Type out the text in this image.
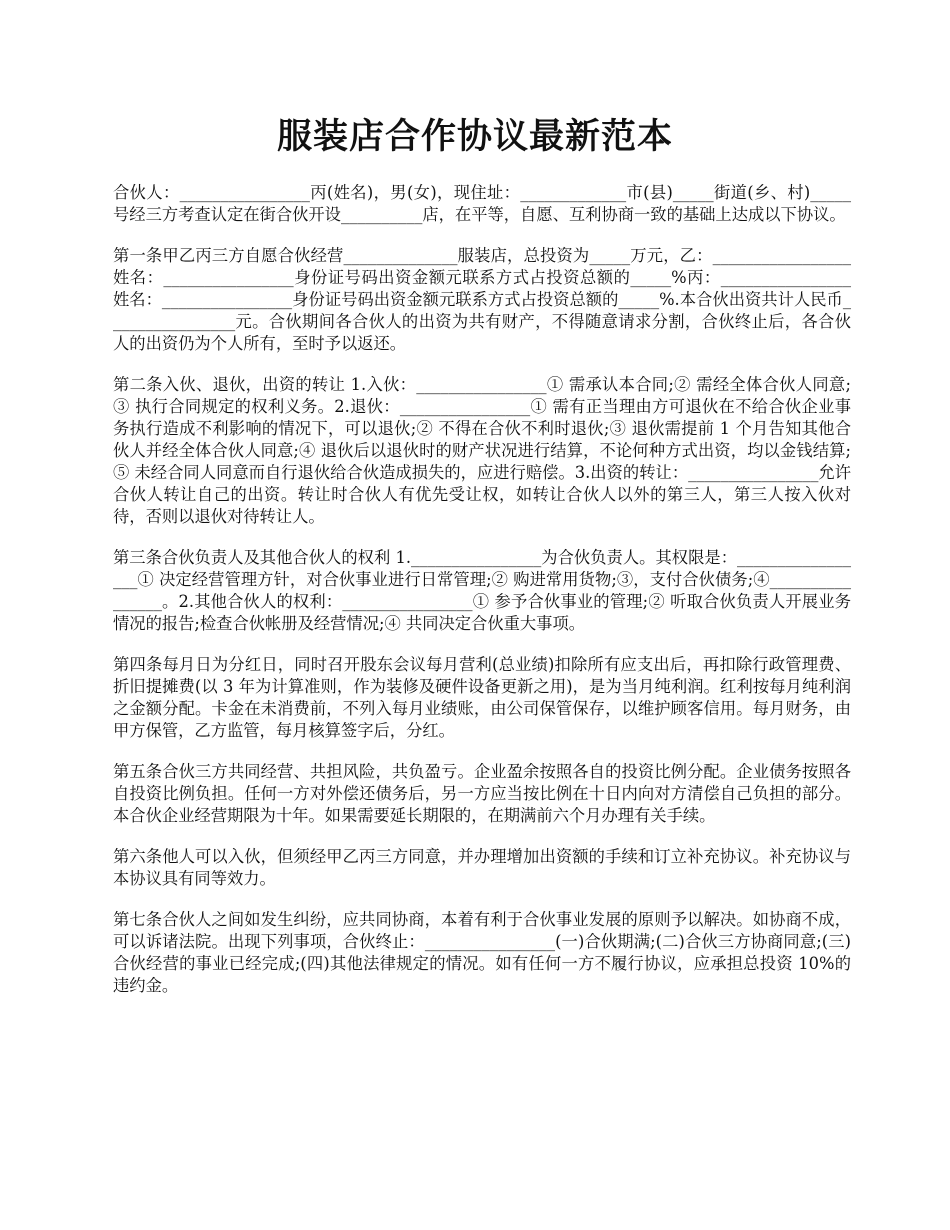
服装店合作协议最新范本

合伙人：________________丙(姓名)，男(女)，现住址：_____________市(县)_____街道(乡、村)_____号经三方考查认定在街合伙开设__________店，在平等，自愿、互利协商一致的基础上达成以下协议。

第一条甲乙丙三方自愿合伙经营______________服装店，总投资为_____万元，乙：_________________姓名：________________身份证号码出资金额元联系方式占投资总额的_____%丙：________________姓名：________________身份证号码出资金额元联系方式占投资总额的_____%.本合伙出资共计人民币________________元。合伙期间各合伙人的出资为共有财产，不得随意请求分割，合伙终止后，各合伙人的出资仍为个人所有，至时予以返还。

第二条入伙、退伙，出资的转让 1.入伙：________________① 需承认本合同;② 需经全体合伙人同意;③ 执行合同规定的权利义务。2.退伙：________________① 需有正当理由方可退伙在不给合伙企业事务执行造成不利影响的情况下，可以退伙;② 不得在合伙不利时退伙;③ 退伙需提前 1 个月告知其他合伙人并经全体合伙人同意;④ 退伙后以退伙时的财产状况进行结算，不论何种方式出资，均以金钱结算;⑤ 未经合同人同意而自行退伙给合伙造成损失的，应进行赔偿。3.出资的转让：________________允许合伙人转让自己的出资。转让时合伙人有优先受让权，如转让合伙人以外的第三人，第三人按入伙对待，否则以退伙对待转让人。

第三条合伙负责人及其他合伙人的权利 1.________________为合伙负责人。其权限是：_________________① 决定经营管理方针，对合伙事业进行日常管理;② 购进常用货物;③，支付合伙债务;④________________。2.其他合伙人的权利：________________① 参予合伙事业的管理;② 听取合伙负责人开展业务情况的报告;检查合伙帐册及经营情况;④ 共同决定合伙重大事项。

第四条每月日为分红日，同时召开股东会议每月营利(总业绩)扣除所有应支出后，再扣除行政管理费、折旧提摊费(以 3 年为计算准则，作为装修及硬件设备更新之用)，是为当月纯利润。红利按每月纯利润之金额分配。卡金在未消费前，不列入每月业绩账，由公司保管保存，以维护顾客信用。每月财务，由甲方保管，乙方监管，每月核算签字后，分红。

第五条合伙三方共同经营、共担风险，共负盈亏。企业盈余按照各自的投资比例分配。企业债务按照各自投资比例负担。任何一方对外偿还债务后，另一方应当按比例在十日内向对方清偿自己负担的部分。本合伙企业经营期限为十年。如果需要延长期限的，在期满前六个月办理有关手续。

第六条他人可以入伙，但须经甲乙丙三方同意，并办理增加出资额的手续和订立补充协议。补充协议与本协议具有同等效力。

第七条合伙人之间如发生纠纷，应共同协商，本着有利于合伙事业发展的原则予以解决。如协商不成，可以诉诸法院。出现下列事项，合伙终止：________________(一)合伙期满;(二)合伙三方协商同意;(三)合伙经营的事业已经完成;(四)其他法律规定的情况。如有任何一方不履行协议，应承担总投资 10%的违约金。
